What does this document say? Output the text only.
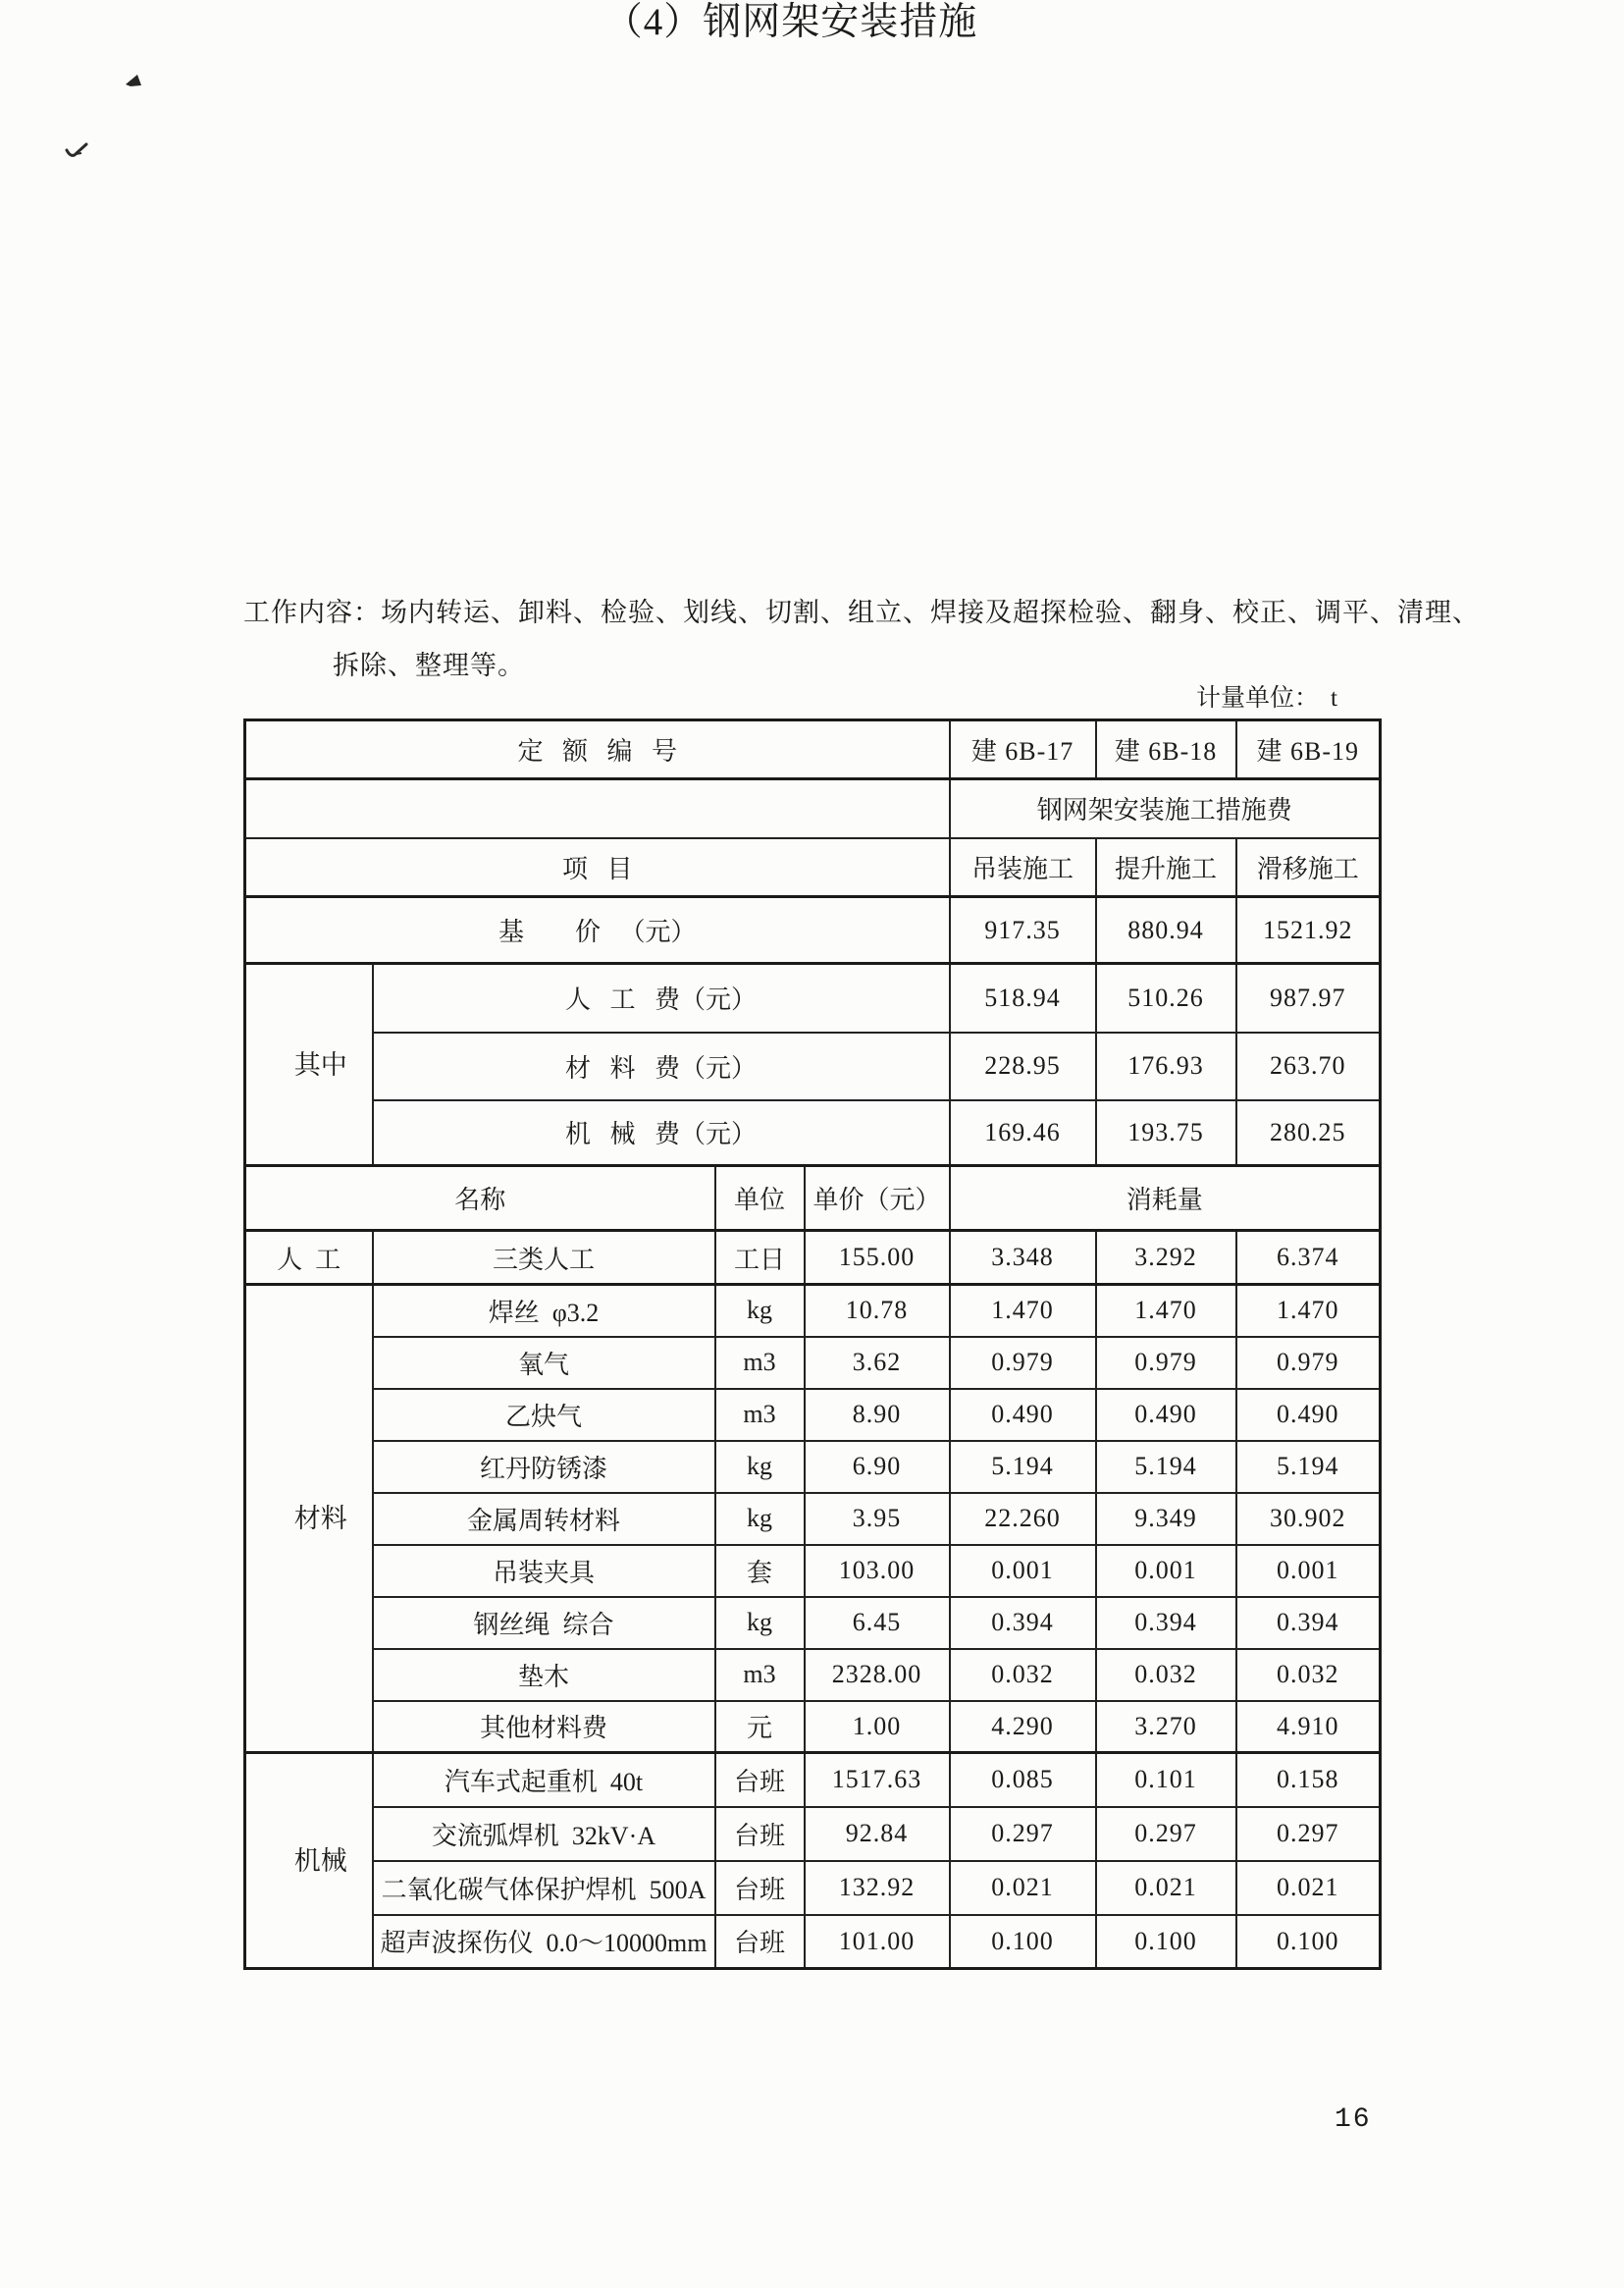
（4）钢网架安装措施
工作内容：场内转运、卸料、检验、划线、切割、组立、焊接及超探检验、翻身、校正、调平、清理、
拆除、整理等。
计量单位： t
定   额   编   号				建 6B-17	建 6B-18	建 6B-19
				钢网架安装施工措施费		
项   目				吊装施工	提升施工	滑移施工
基        价   （元）				917.35	880.94	1521.92

其中	人   工   费（元）			518.94	510.26	987.97
	材   料   费（元）			228.95	176.93	263.70
	机   械   费（元）			169.46	193.75	280.25
名称		单位	单价（元）	消耗量		
人  工	三类人工	工日	155.00	3.348	3.292	6.374

材料	焊丝  φ3.2	kg	10.78	1.470	1.470	1.470
	氧气	m3	3.62	0.979	0.979	0.979
	乙炔气	m3	8.90	0.490	0.490	0.490
	红丹防锈漆	kg	6.90	5.194	5.194	5.194
	金属周转材料	kg	3.95	22.260	9.349	30.902
	吊装夹具	套	103.00	0.001	0.001	0.001
	钢丝绳  综合	kg	6.45	0.394	0.394	0.394
	垫木	m3	2328.00	0.032	0.032	0.032
	其他材料费	元	1.00	4.290	3.270	4.910

机械	汽车式起重机  40t	台班	1517.63	0.085	0.101	0.158
	交流弧焊机  32kV·A	台班	92.84	0.297	0.297	0.297
	二氧化碳气体保护焊机  500A	台班	132.92	0.021	0.021	0.021
	超声波探伤仪  0.0～10000mm	台班	101.00	0.100	0.100	0.100
16
